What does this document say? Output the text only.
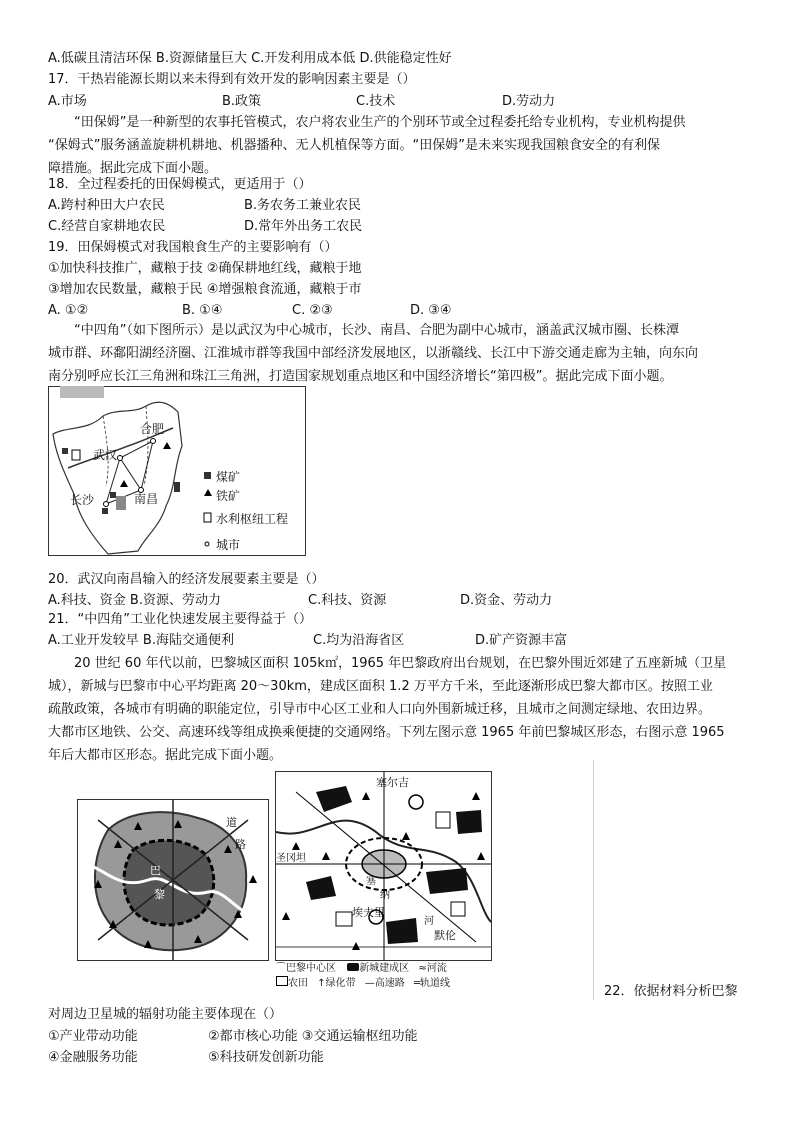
A.低碳且清洁环保 B.资源储量巨大 C.开发利用成本低 D.供能稳定性好
17．干热岩能源长期以来未得到有效开发的影响因素主要是（）
A.市场	B.政策	C.技术	D.劳动力
“田保姆”是一种新型的农事托管模式，农户将农业生产的个别环节或全过程委托给专业机构，专业机构提供
“保姆式”服务涵盖旋耕机耕地、机器播种、无人机植保等方面。“田保姆”是未来实现我国粮食安全的有利保
障措施。据此完成下面小题。
18．全过程委托的田保姆模式，更适用于（）
A.跨村种田大户农民	B.务农务工兼业农民
C.经营自家耕地农民	D.常年外出务工农民
19．田保姆模式对我国粮食生产的主要影响有（）
①加快科技推广，藏粮于技 ②确保耕地红线，藏粮于地
③增加农民数量，藏粮于民 ④增强粮食流通，藏粮于市
A. ①②	B. ①④	C. ②③	D. ③④
“中四角”（如下图所示）是以武汉为中心城市，长沙、南昌、合肥为副中心城市，涵盖武汉城市圈、长株潭
城市群、环鄱阳湖经济圈、江淮城市群等我国中部经济发展地区，以浙赣线、长江中下游交通走廊为主轴，向东向
南分别呼应长江三角洲和珠江三角洲，打造国家规划重点地区和中国经济增长“第四极”。据此完成下面小题。
合肥
武汉
长沙	南昌
煤矿
铁矿
水利枢纽工程
城市
20．武汉向南昌输入的经济发展要素主要是（）
A.科技、资金 B.资源、劳动力	C.科技、资源	D.资金、劳动力
21．“中四角”工业化快速发展主要得益于（）
A.工业开发较早 B.海陆交通便利	C.均为沿海省区	D.矿产资源丰富
20 世纪 60 年代以前，巴黎城区面积 105k㎡，1965 年巴黎政府出台规划，在巴黎外围近郊建了五座新城（卫星
城），新城与巴黎市中心平均距离 20～30km，建成区面积 1.2 万平方千米，至此逐渐形成巴黎大都市区。按照工业
疏散政策，各城市有明确的职能定位，引导市中心区工业和人口向外围新城迁移，且城市之间测定绿地、农田边界。
大都市区地铁、公交、高速环线等组成换乘便捷的交通网络。下列左图示意 1965 年前巴黎城区形态，右图示意 1965
年后大都市区形态。据此完成下面小题。
道
路
巴
黎
塞尔吉
圣冈坦
埃夫里
默伦
塞
纳
河
⌒巴黎中心区 新城建成区 ≈河流
农田 ↑绿化带 —高速路 ═轨道线
22．依据材料分析巴黎
对周边卫星城的辐射功能主要体现在（）
①产业带动功能	②都市核心功能 ③交通运输枢纽功能
④金融服务功能	⑤科技研发创新功能
